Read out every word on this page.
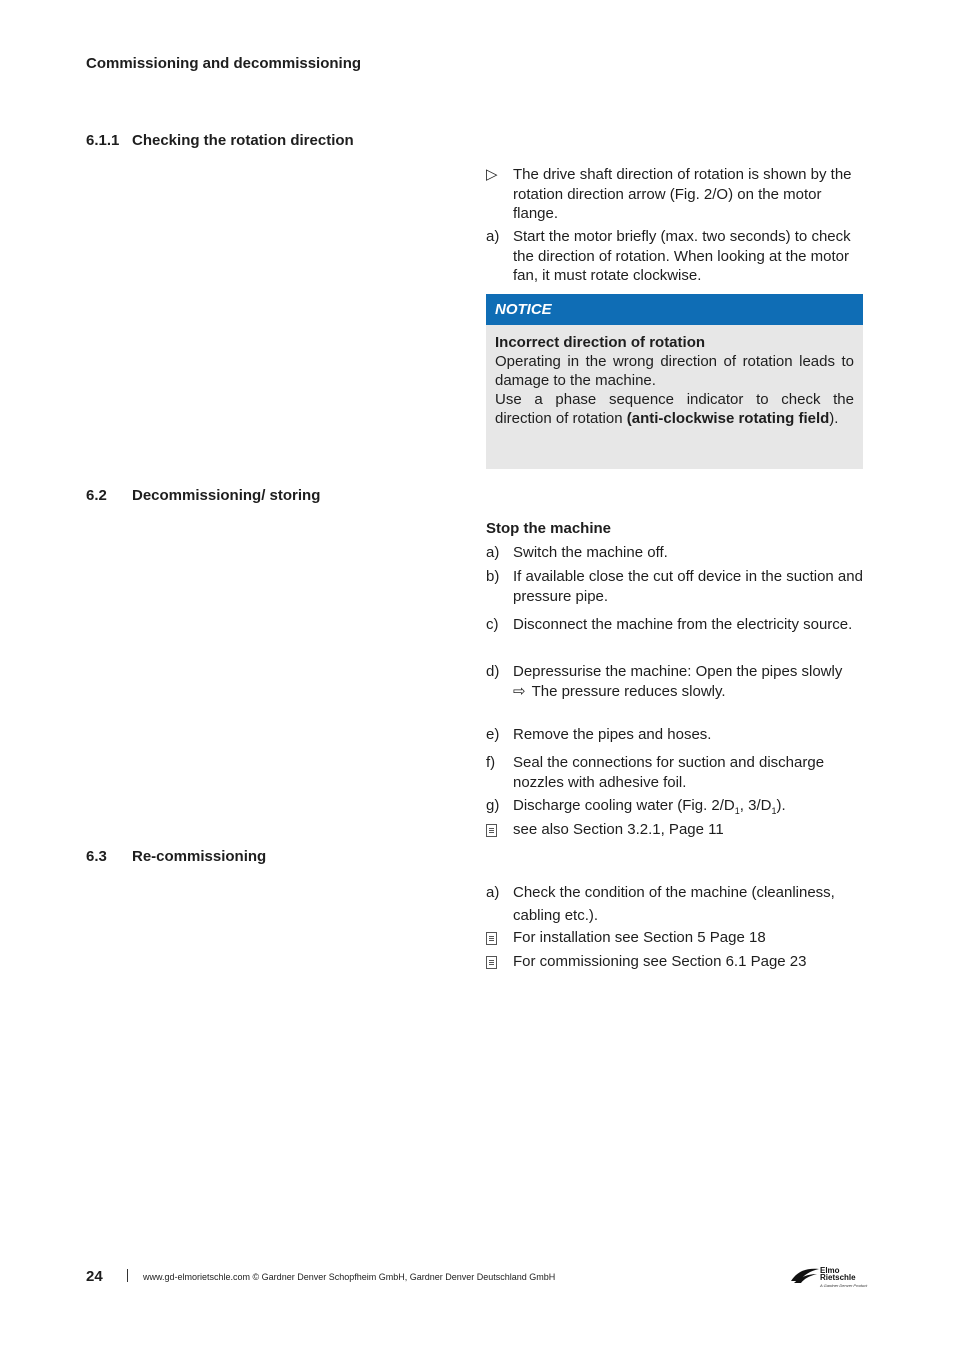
Commissioning and decommissioning
6.1.1 Checking the rotation direction
▷	The drive shaft direction of rotation is shown by the rotation direction arrow (Fig. 2/O) on the motor flange.
a) Start the motor briefly (max. two seconds) to check the direction of rotation. When looking at the motor fan, it must rotate clockwise.
NOTICE
Incorrect direction of rotation
Operating in the wrong direction of rotation leads to damage to the machine.
Use a phase sequence indicator to check the direction of rotation (anti-clockwise rotating field).
6.2 Decommissioning/ storing
Stop the machine
a) Switch the machine off.
b) If available close the cut off device in the suction and pressure pipe.
c) Disconnect the machine from the electricity source.
d) Depressurise the machine: Open the pipes slowly
⇨ The pressure reduces slowly.
e) Remove the pipes and hoses.
f)	Seal the connections for suction and discharge nozzles with adhesive foil.
g) Discharge cooling water (Fig. $2/D_1$, $3/D_1$).
see also Section 3.2.1, Page 11
6.3 Re-commissioning
a) Check the condition of the machine (cleanliness, cabling etc.).
For installation see Section 5 Page 18
For commissioning see Section 6.1 Page 23
24	www.gd-elmorietschle.com © Gardner Denver Schopfheim GmbH, Gardner Denver Deutschland GmbH
Elmo
Rietschle
A Gardner Denver Product
